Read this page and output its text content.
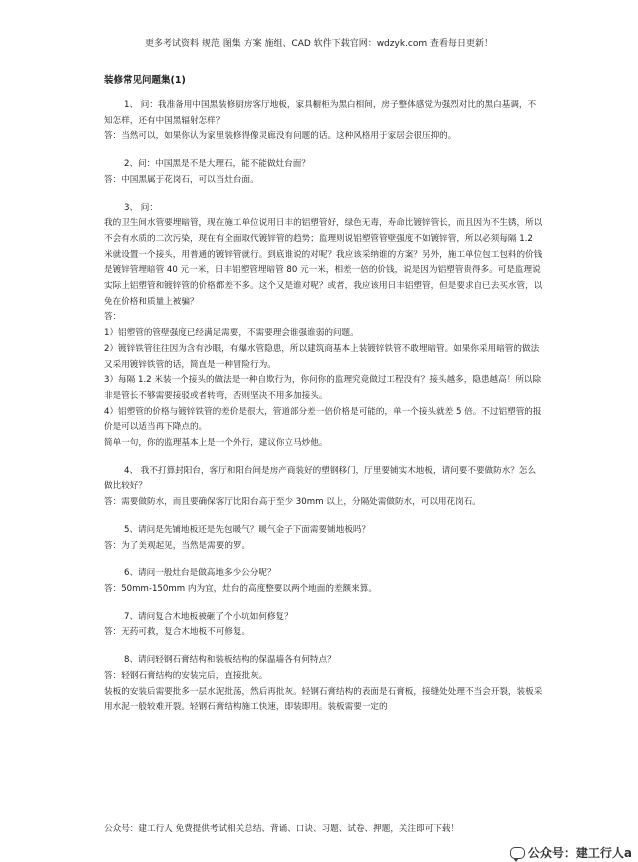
更多考试资料 规范 图集 方案 施组、CAD 软件下载官网：wdzyk.com 查看每日更新！
装修常见问题集(1)

1、 问：我准备用中国黑装修厨房客厅地板，家具橱柜为黑白相间，房子整体感觉为强烈对比的黑白基调，不知怎样，还有中国黑辐射怎样？

答：当然可以，如果你认为家里装修得像灵廊没有问题的话。这种风格用于家居会很压抑的。

2、问：中国黑是不是大理石，能不能做灶台面？

答：中国黑属于花岗石，可以当灶台面。

3、 问：

我的卫生间水管要埋暗管，现在施工单位说用日丰的铝塑管好，绿色无毒，寿命比镀锌管长，而且因为不生锈，所以不会有水质的二次污染，现在有全面取代镀锌管的趋势；监理则说铝塑管管壁强度不如镀锌管，所以必须每隔 1.2 米就设置一个接头，用普通的镀锌管就行。到底谁说的对呢？我应该采纳谁的方案？另外，施工单位包工包料的价钱是镀锌管埋暗管 40 元一米，日丰铝塑管埋暗管 80 元一米，相差一倍的价钱，说是因为铝塑管贵得多。可是监理说实际上铝塑管和镀锌管的价格都差不多。这个又是谁对呢？或者，我应该用日丰铝塑管，但是要求自已去买水管，以免在价格和质量上被骗？

答：

1）铝塑管的管壁强度已经满足需要，不需要理会谁强谁弱的问题。

2）镀锌铁管往往因为含有沙眼，有爆水管隐患，所以建筑商基本上装镀锌铁管不敢埋暗管。如果你采用暗管的做法又采用镀锌铁管的话，简直是一种冒险行为。

3）每隔 1.2 米装一个接头的做法是一种自欺行为，你问你的监理究竟做过工程没有？接头越多，隐患越高！所以除非是管长不够需要接驳或者转弯，否则坚决不用多加接头。

4）铝塑管的价格与镀锌铁管的差价是很大，管道部分差一倍价格是可能的，单一个接头就差 5 倍。不过铝塑管的报价是可以适当再下降点的。

简单一句，你的监理基本上是一个外行，建议你立马炒他。

4、 我不打算封阳台，客厅和阳台间是房产商装好的塑钢移门，厅里要铺实木地板，请问要不要做防水？怎么做比较好？

答：需要做防水，而且要确保客厅比阳台高于至少 30mm 以上，分隔处需做防水，可以用花岗石。

5、请问是先铺地板还是先包暖气？暖气金子下面需要铺地板吗？

答：为了美观起见，当然是需要的罗。

6、请问一般灶台是做高地多少公分呢？

答：50mm-150mm 内为宜，灶台的高度整要以两个地面的差额来算。

7、请问复合木地板被砸了个小坑如何修复？

答：无药可救，复合木地板不可修复。

8、请问轻钢石膏结构和装板结构的保温墙各有何特点？

答：轻钢石膏结构的安装完后，直接批灰。

装板的安装后需要批多一层水泥批荡，然后再批灰。轻钢石膏结构的表面是石膏板，接缝处处理不当会开裂，装板采用水泥一般较难开裂。轻钢石膏结构施工快速，即装即用。装板需要一定的

公众号：建工行人 免费提供考试相关总结、背诵、口诀、习题、试卷、押题，关注即可下载！
公众号：建工行人a
